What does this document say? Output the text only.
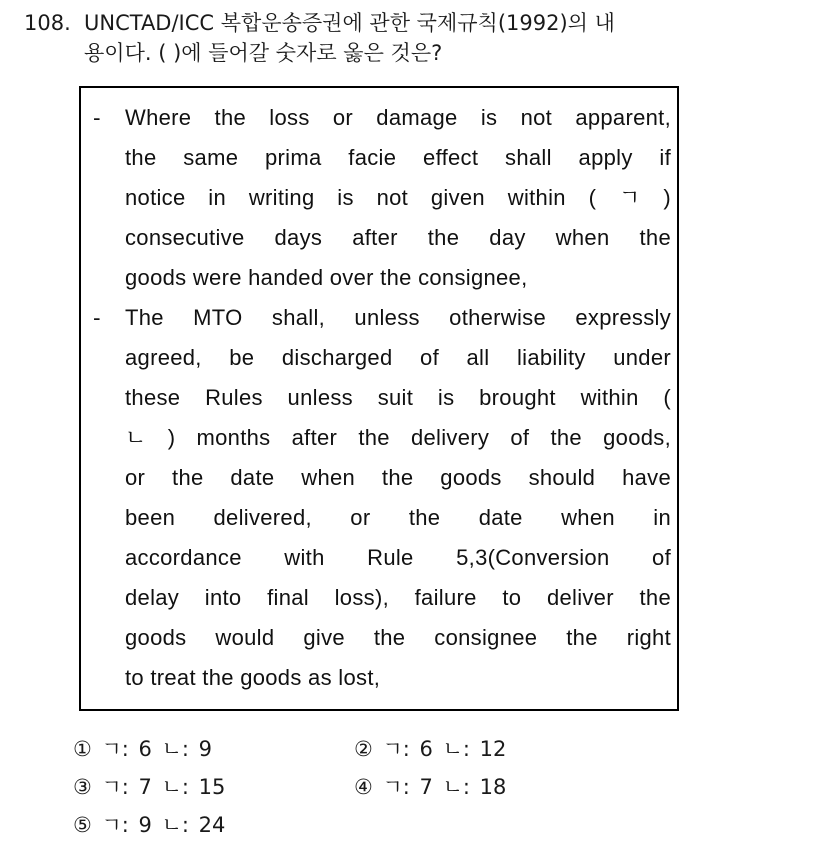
108. UNCTAD/ICC 복합운송증권에 관한 국제규칙(1992)의 내
용이다. ( )에 들어갈 숫자로 옳은 것은?
-	Where the loss or damage is not apparent,
the same prima facie effect shall apply if
notice in writing is not given within ( ㄱ )
consecutive days after the day when the
goods were handed over the consignee,
-	The MTO shall, unless otherwise expressly
agreed, be discharged of all liability under
these Rules unless suit is brought within (
ㄴ ) months after the delivery of the goods,
or the date when the goods should have
been delivered, or the date when in
accordance with Rule 5,3(Conversion of
delay into final loss), failure to deliver the
goods would give the consignee the right
to treat the goods as lost,
① ㄱ: 6 ㄴ: 9	② ㄱ: 6 ㄴ: 12
③ ㄱ: 7 ㄴ: 15	④ ㄱ: 7 ㄴ: 18
⑤ ㄱ: 9 ㄴ: 24
